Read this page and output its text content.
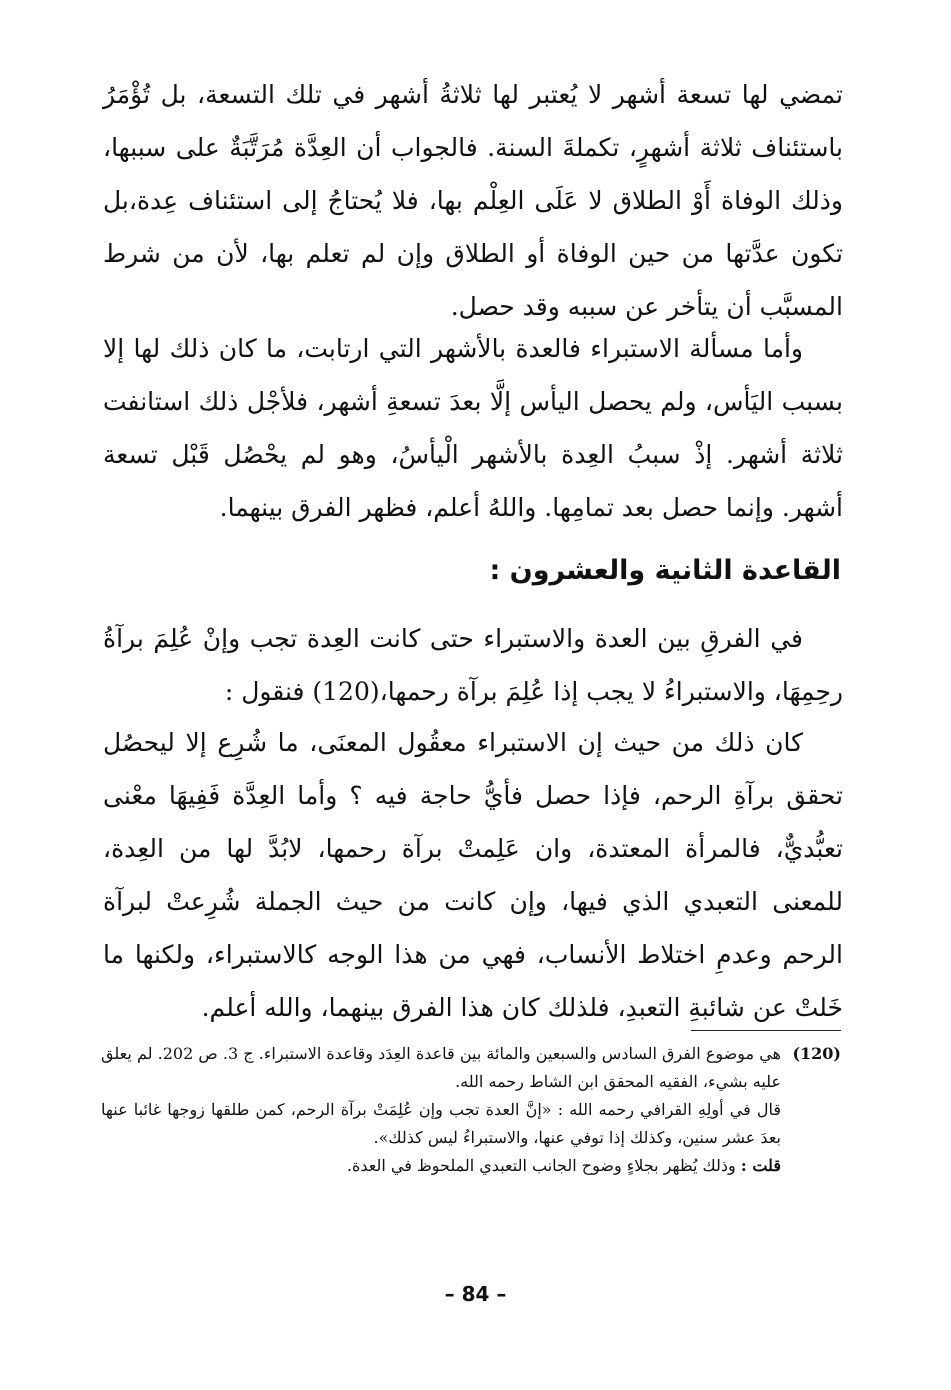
تمضي لها تسعة أشهر لا يُعتبر لها ثلاثةُ أشهر في تلك التسعة، بل تُؤْمَرُ باستئناف ثلاثة أشهرٍ، تكملةَ السنة. فالجواب أن العِدَّة مُرَتَّبَةٌ على سببها، وذلك الوفاة أَوْ الطلاق لا عَلَى العِلْم بها، فلا يُحتاجُ إلى استئناف عِدة،بل تكون عدَّتها من حين الوفاة أو الطلاق وإن لم تعلم بها، لأن من شرط المسبَّب أن يتأخر عن سببه وقد حصل.

وأما مسألة الاستبراء فالعدة بالأشهر التي ارتابت، ما كان ذلك لها إلا بسبب اليَأس، ولم يحصل اليأس إلَّا بعدَ تسعةِ أشهر، فلأجْل ذلك استانفت ثلاثة أشهر. إذْ سببُ العِدة بالأشهر الْيأسُ، وهو لم يحْصُل قَبْل تسعة أشهر. وإنما حصل بعد تمامِها. واللهُ أعلم، فظهر الفرق بينهما.

القاعدة الثانية والعشرون :

في الفرقِ بين العدة والاستبراء حتى كانت العِدة تجب وإنْ عُلِمَ برآةُ رحِمِهَا، والاستبراءُ لا يجب إذا عُلِمَ برآة رحمها،(120) فنقول :

كان ذلك من حيث إن الاستبراء معقُول المعنَى، ما شُرِع إلا ليحصُل تحقق برآةِ الرحم، فإذا حصل فأيُّ حاجة فيه ؟ وأما العِدَّة فَفِيهَا معْنى تعبُّديٌّ، فالمرأة المعتدة، وان عَلِمتْ برآة رحمها، لابُدَّ لها من العِدة، للمعنى التعبدي الذي فيها، وإن كانت من حيث الجملة شُرِعتْ لبرآة الرحم وعدمِ اختلاط الأنساب، فهي من هذا الوجه كالاستبراء، ولكنها ما خَلتْ عن شائبةِ التعبدِ، فلذلك كان هذا الفرق بينهما، والله أعلم.

(120)
هي موضوع الفرق السادس والسبعين والمائة بين قاعدة العِدَد وقاعدة الاستبراء. ج 3. ص 202. لم يعلق عليه بشيء، الفقيه المحقق ابن الشاط رحمه الله.
قال في أولِهِ القرافي رحمه الله : «إنَّ العدة تجب وإن عُلِمَتْ برآة الرحم، كمن طلقها زوجها غائبا عنها بعدَ عشر سنين، وكذلك إذا توفي عنها، والاستبراءُ ليس كذلك».
قلت : وذلك يُظهر بجلاءٍ وضوح الجانب التعبدي الملحوظ في العدة.
– 84 –
